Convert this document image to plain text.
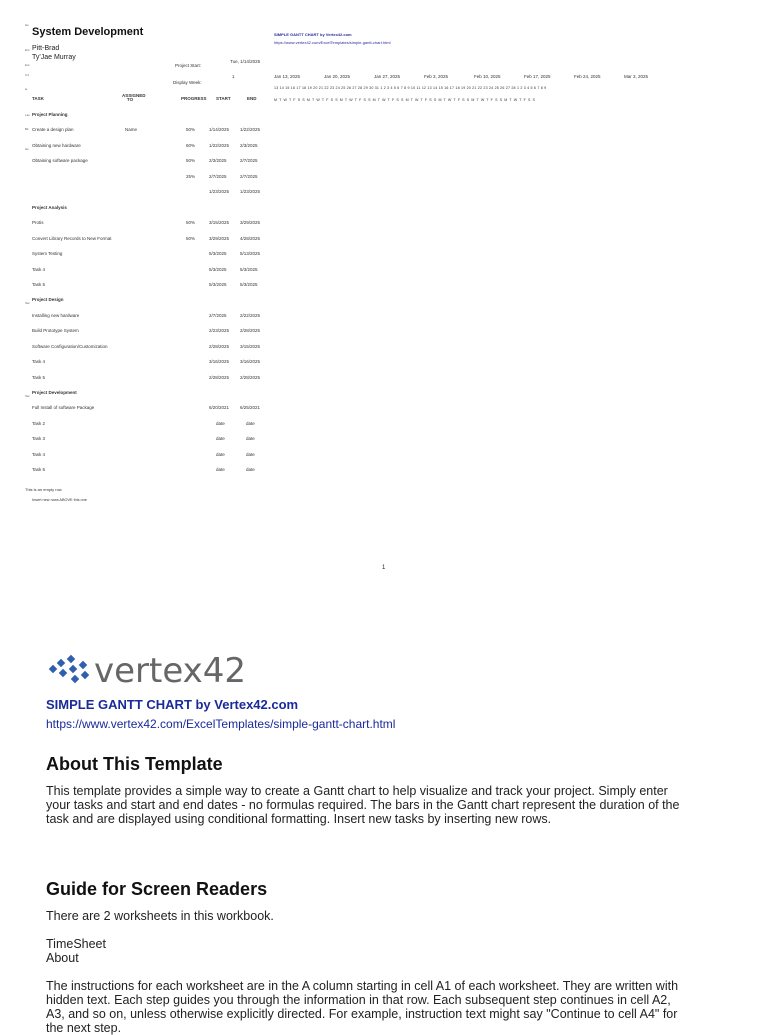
He
System Development
Ent Pitt-Brad
Ty'Jae Murray
Ent
C4
le.
Lan
Bk
He
Sar
Sar
Project Start:
Tue, 1/14/2025
Display Week:
1
SIMPLE GANTT CHART by Vertex42.com
https://www.vertex42.com/ExcelTemplates/simple-gantt-chart.html
Jan 13, 2025	Jan 20, 2025	Jan 27, 2025	Feb 3, 2025	Feb 10, 2025	Feb 17, 2025	Feb 24, 2025	Mar 3, 2025
13 14 15 16 17 18 19 20 21 22 23 24 25 26 27 28 29 30 31 1 2 3 4 5 6 7 8 9 10 11 12 13 14 15 16 17 18 19 20 21 22 23 24 25 26 27 28 1 2 3 4 5 6 7 8 9
M T W T F S S M T W T F S S M T W T F S S M T W T F S S M T W T F S S M T W T F S S M T W T F S S M T W T F S S
TASK
ASSIGNED TO	PROGRESS START	END
Project Planning
Create a design plan	Name	50%	1/14/2025 1/22/2025
Obtaining new hardware	60%	1/22/2025 2/3/2025
Obtaining software package	50%	2/3/2025	2/7/2025
25%	2/7/2025	2/7/2025
1/23/2025 1/23/2025
Project Analysis
Protis	50%	3/15/2025 3/29/2025
Convert Library Records to New Format	50%	3/29/2025 4/28/2025
System Testing	5/3/2025	5/13/2025
Task 4	5/3/2025	5/3/2025
Task 5	5/3/2025	5/3/2025
Project Design
Installing new hardware	2/7/2025	2/22/2025
Build Prototype System	2/23/2025 2/28/2025
Software Configuration/Customization	2/28/2025 3/15/2025
Task 4	3/16/2025 3/16/2025
Task 5	2/28/2025 2/28/2025
Project Development
Full Install of software Package	6/20/2021 6/25/2021
Task 2	date	date
Task 3	date	date
Task 4	date	date
Task 5	date	date
This is an empty row
Insert new rows ABOVE this one
1
vertex42
SIMPLE GANTT CHART by Vertex42.com
https://www.vertex42.com/ExcelTemplates/simple-gantt-chart.html
About This Template
This template provides a simple way to create a Gantt chart to help visualize and track your project. Simply enter your tasks and start and end dates - no formulas required. The bars in the Gantt chart represent the duration of the task and are displayed using conditional formatting. Insert new tasks by inserting new rows.
Guide for Screen Readers
There are 2 worksheets in this workbook.
TimeSheet
About
The instructions for each worksheet are in the A column starting in cell A1 of each worksheet. They are written with hidden text. Each step guides you through the information in that row. Each subsequent step continues in cell A2, A3, and so on, unless otherwise explicitly directed. For example, instruction text might say "Continue to cell A4" for the next step.
